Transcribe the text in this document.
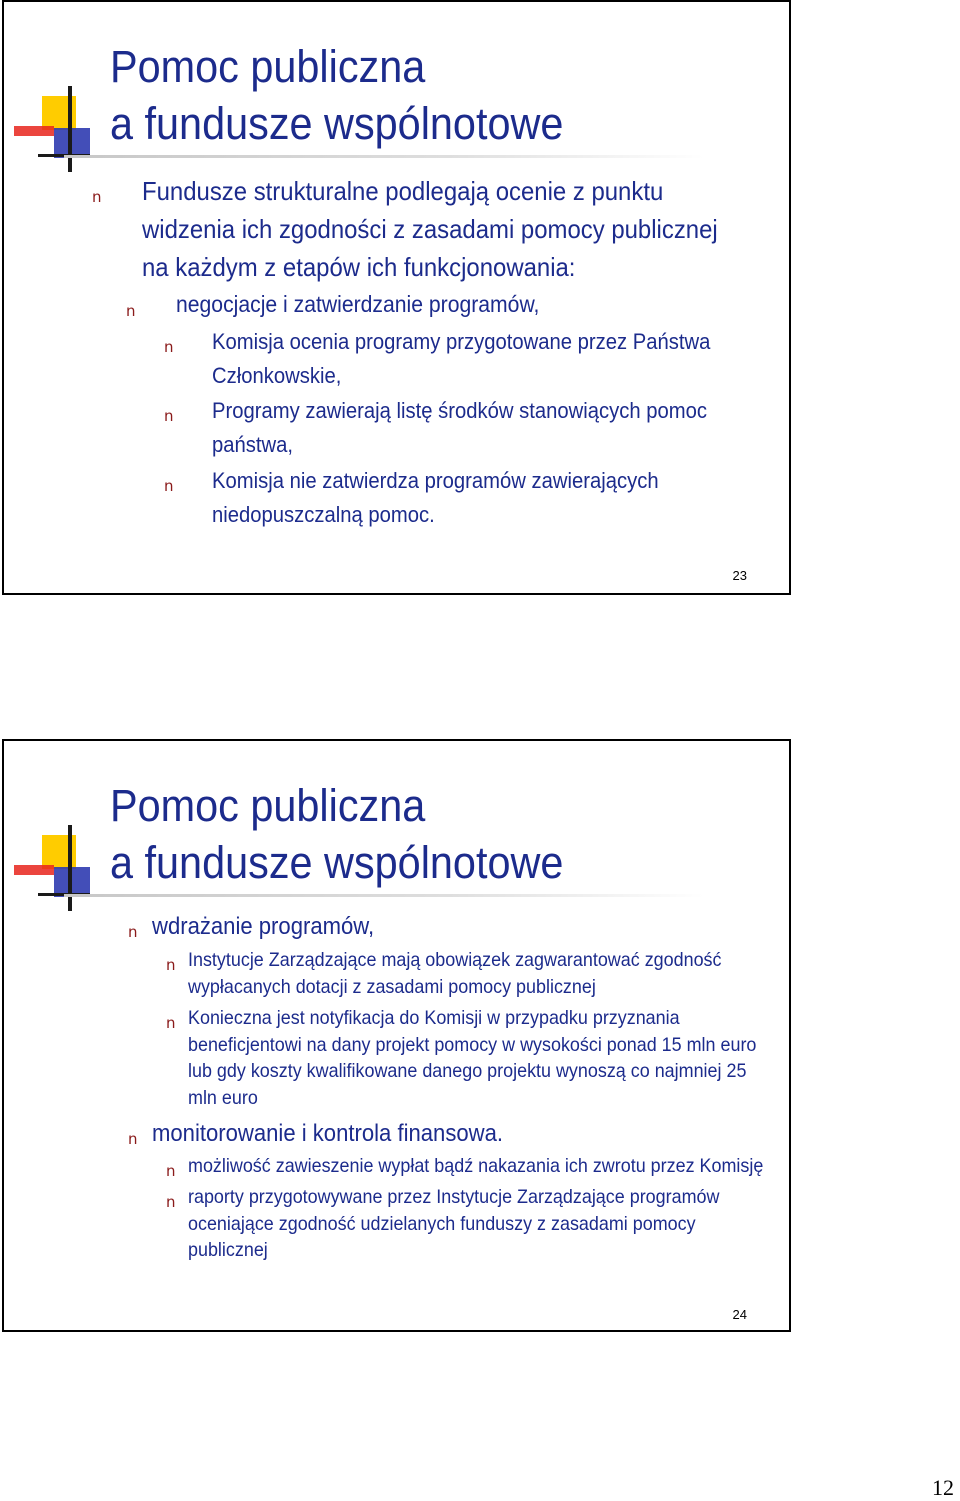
Pomoc publiczna
a fundusze wspólnotowe
n Fundusze strukturalne podlegają ocenie z punktu widzenia ich zgodności z zasadami pomocy publicznej na każdym z etapów ich funkcjonowania:
n negocjacje i zatwierdzanie programów,
n Komisja ocenia programy przygotowane przez Państwa Członkowskie,
n Programy zawierają listę środków stanowiących pomoc państwa,
n Komisja nie zatwierdza programów zawierających niedopuszczalną pomoc.
23
Pomoc publiczna
a fundusze wspólnotowe
n wdrażanie programów,
n Instytucje Zarządzające mają obowiązek zagwarantować zgodność wypłacanych dotacji z zasadami pomocy publicznej
n Konieczna jest notyfikacja do Komisji w przypadku przyznania beneficjentowi na dany projekt pomocy w wysokości ponad 15 mln euro lub gdy koszty kwalifikowane danego projektu wynoszą co najmniej 25 mln euro
n monitorowanie i kontrola finansowa.
n możliwość zawieszenie wypłat bądź nakazania ich zwrotu przez Komisję
n raporty przygotowywane przez Instytucje Zarządzające programów oceniające zgodność udzielanych funduszy z zasadami pomocy publicznej
24
12
